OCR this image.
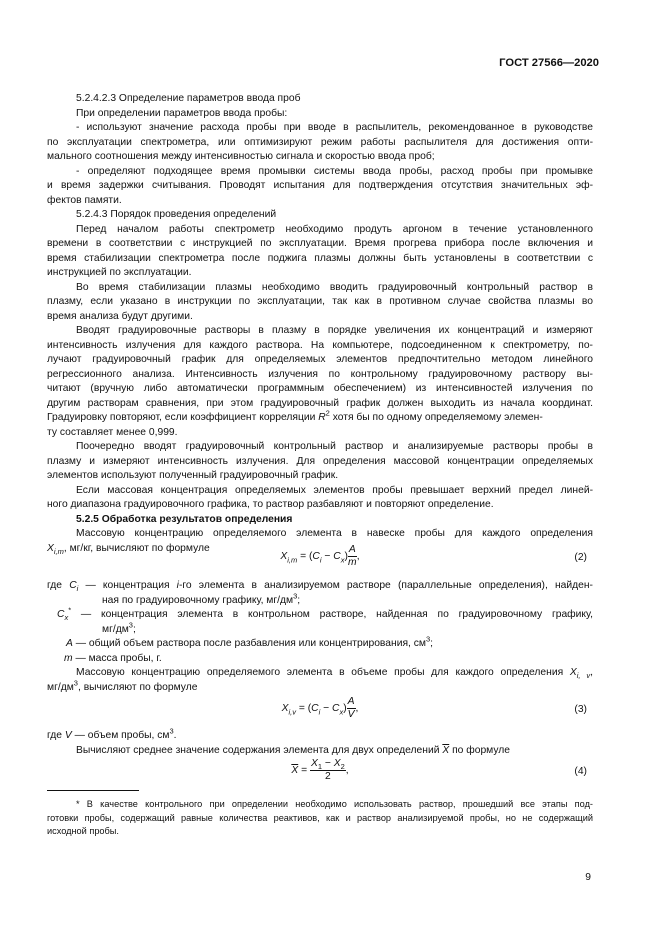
ГОСТ 27566—2020
5.2.4.2.3 Определение параметров ввода проб
При определении параметров ввода пробы:
- используют значение расхода пробы при вводе в распылитель, рекомендованное в руководстве
по эксплуатации спектрометра, или оптимизируют режим работы распылителя для достижения опти-
мального соотношения между интенсивностью сигнала и скоростью ввода проб;
- определяют подходящее время промывки системы ввода пробы, расход пробы при промывке
и время задержки считывания. Проводят испытания для подтверждения отсутствия значительных эф-
фектов памяти.
5.2.4.3 Порядок проведения определений
Перед началом работы спектрометр необходимо продуть аргоном в течение установленного
времени в соответствии с инструкцией по эксплуатации. Время прогрева прибора после включения и
время стабилизации спектрометра после поджига плазмы должны быть установлены в соответствии с
инструкцией по эксплуатации.
Во время стабилизации плазмы необходимо вводить градуировочный контрольный раствор в
плазму, если указано в инструкции по эксплуатации, так как в противном случае свойства плазмы во
время анализа будут другими.
Вводят градуировочные растворы в плазму в порядке увеличения их концентраций и измеряют
интенсивность излучения для каждого раствора. На компьютере, подсоединенном к спектрометру, по-
лучают градуировочный график для определяемых элементов предпочтительно методом линейного
регрессионного анализа. Интенсивность излучения по контрольному градуировочному раствору вы-
читают (вручную либо автоматически программным обеспечением) из интенсивностей излучения по
другим растворам сравнения, при этом градуировочный график должен выходить из начала координат.
Градуировку повторяют, если коэффициент корреляции $R^2$ хотя бы по одному определяемому элемен-
ту составляет менее 0,999.
Поочередно вводят градуировочный контрольный раствор и анализируемые растворы пробы в
плазму и измеряют интенсивность излучения. Для определения массовой концентрации определяемых
элементов используют полученный градуировочный график.
Если массовая концентрация определяемых элементов пробы превышает верхний предел линей-
ного диапазона градуировочного графика, то раствор разбавляют и повторяют определение.
5.2.5 Обработка результатов определения
Массовую концентрацию определяемого элемента в навеске пробы для каждого определения
$X_{i,m}$, мг/кг, вычисляют по формуле
$X_{i,m} = (C_i - C_x) \frac{A}{m}$ ,	(2)
где $C_i$ — концентрация i-го элемента в анализируемом растворе (параллельные определения), найден-
ная по градуировочному графику, $мг/дм^3$;
$C_x^*$ — концентрация элемента в контрольном растворе, найденная по градуировочному графику,
$мг/дм^3$;
A — общий объем раствора после разбавления или концентрирования, $см^3$;
m — масса пробы, г.
Массовую концентрацию определяемого элемента в объеме пробы для каждого определения $X_{i, v}$,
$мг/дм^3$, вычисляют по формуле
$X_{i,v} = (C_i - C_x) \frac{A}{V}$ ,	(3)
где V — объем пробы, $см^3$.
Вычисляют среднее значение содержания элемента для двух определений $\overline{X}$ по формуле
$\overline{X} = \frac{X_1 - X_2}{2}$ ,	(4)
* В качестве контрольного при определении необходимо использовать раствор, прошедший все этапы под-
готовки пробы, содержащий равные количества реактивов, как и раствор анализируемой пробы, но не содержащий
исходной пробы.
9
